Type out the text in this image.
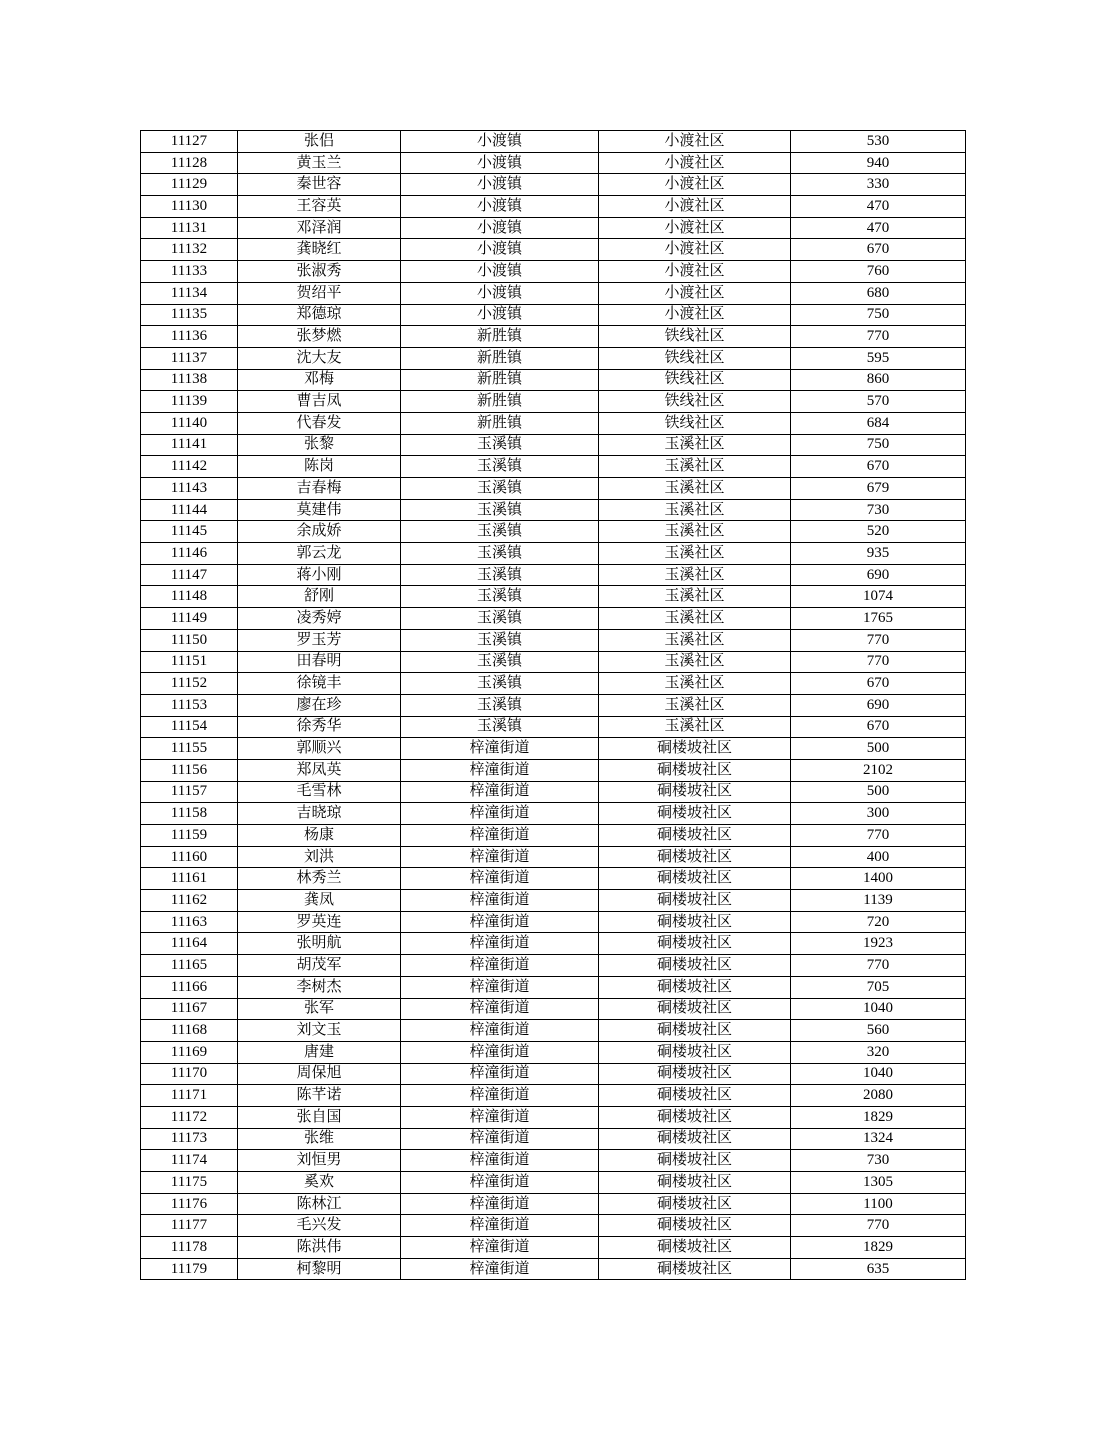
11127	张侣	小渡镇	小渡社区	530
11128	黄玉兰	小渡镇	小渡社区	940
11129	秦世容	小渡镇	小渡社区	330
11130	王容英	小渡镇	小渡社区	470
11131	邓泽润	小渡镇	小渡社区	470
11132	龚晓红	小渡镇	小渡社区	670
11133	张淑秀	小渡镇	小渡社区	760
11134	贺绍平	小渡镇	小渡社区	680
11135	郑德琼	小渡镇	小渡社区	750
11136	张梦燃	新胜镇	铁线社区	770
11137	沈大友	新胜镇	铁线社区	595
11138	邓梅	新胜镇	铁线社区	860
11139	曹吉凤	新胜镇	铁线社区	570
11140	代春发	新胜镇	铁线社区	684
11141	张黎	玉溪镇	玉溪社区	750
11142	陈岗	玉溪镇	玉溪社区	670
11143	吉春梅	玉溪镇	玉溪社区	679
11144	莫建伟	玉溪镇	玉溪社区	730
11145	余成娇	玉溪镇	玉溪社区	520
11146	郭云龙	玉溪镇	玉溪社区	935
11147	蒋小刚	玉溪镇	玉溪社区	690
11148	舒刚	玉溪镇	玉溪社区	1074
11149	凌秀婷	玉溪镇	玉溪社区	1765
11150	罗玉芳	玉溪镇	玉溪社区	770
11151	田春明	玉溪镇	玉溪社区	770
11152	徐镜丰	玉溪镇	玉溪社区	670
11153	廖在珍	玉溪镇	玉溪社区	690
11154	徐秀华	玉溪镇	玉溪社区	670
11155	郭顺兴	梓潼街道	硐楼坡社区	500
11156	郑凤英	梓潼街道	硐楼坡社区	2102
11157	毛雪林	梓潼街道	硐楼坡社区	500
11158	吉晓琼	梓潼街道	硐楼坡社区	300
11159	杨康	梓潼街道	硐楼坡社区	770
11160	刘洪	梓潼街道	硐楼坡社区	400
11161	林秀兰	梓潼街道	硐楼坡社区	1400
11162	龚凤	梓潼街道	硐楼坡社区	1139
11163	罗英连	梓潼街道	硐楼坡社区	720
11164	张明航	梓潼街道	硐楼坡社区	1923
11165	胡茂军	梓潼街道	硐楼坡社区	770
11166	李树杰	梓潼街道	硐楼坡社区	705
11167	张军	梓潼街道	硐楼坡社区	1040
11168	刘文玉	梓潼街道	硐楼坡社区	560
11169	唐建	梓潼街道	硐楼坡社区	320
11170	周保旭	梓潼街道	硐楼坡社区	1040
11171	陈芊诺	梓潼街道	硐楼坡社区	2080
11172	张自国	梓潼街道	硐楼坡社区	1829
11173	张维	梓潼街道	硐楼坡社区	1324
11174	刘恒男	梓潼街道	硐楼坡社区	730
11175	奚欢	梓潼街道	硐楼坡社区	1305
11176	陈林江	梓潼街道	硐楼坡社区	1100
11177	毛兴发	梓潼街道	硐楼坡社区	770
11178	陈洪伟	梓潼街道	硐楼坡社区	1829
11179	柯黎明	梓潼街道	硐楼坡社区	635
